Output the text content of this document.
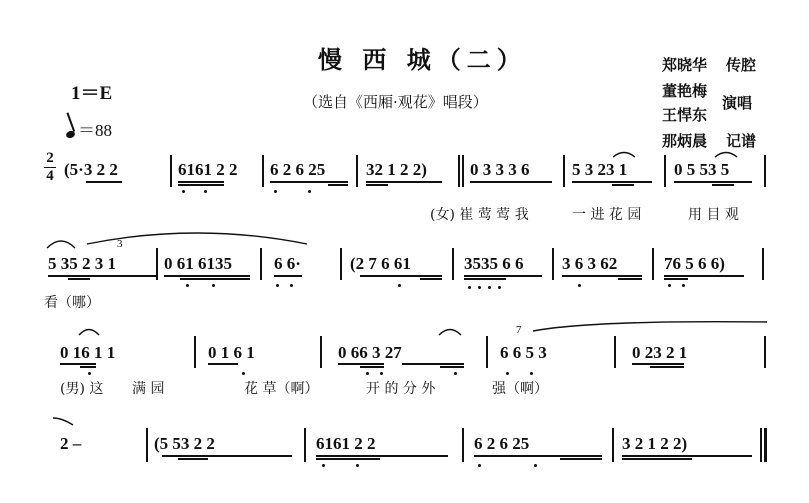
慢 西 城（二）
（选自《西厢·观花》唱段）
1＝E
＝88
郑晓华 传腔
董艳梅
王悍东
演唱
那炳晨 记谱
2
4 (5·3 2 2	6161 2 2 6 2 6 25 32 1 2 2)	0 3 3 3 6	5 3 23 1	0 5 53 5
(女) 崔 莺 莺 我	一 进 花 园	用 目 观
5 35 2 3 1	0 61 6135 6 6·	(2 7 6 61	3535 6 6 3 6 3 62	76 5 6 6)
3
看（哪）
0 16 1 1	0 1 6 1	0 66 3 27	6 6 5 3	0 23 2 1
7
(男) 这 满 园	花 草（啊）	开 的 分 外	强（啊）
2 –	(5 53 2 2	6161 2 2	6 2 6 25	3 2 1 2 2)
